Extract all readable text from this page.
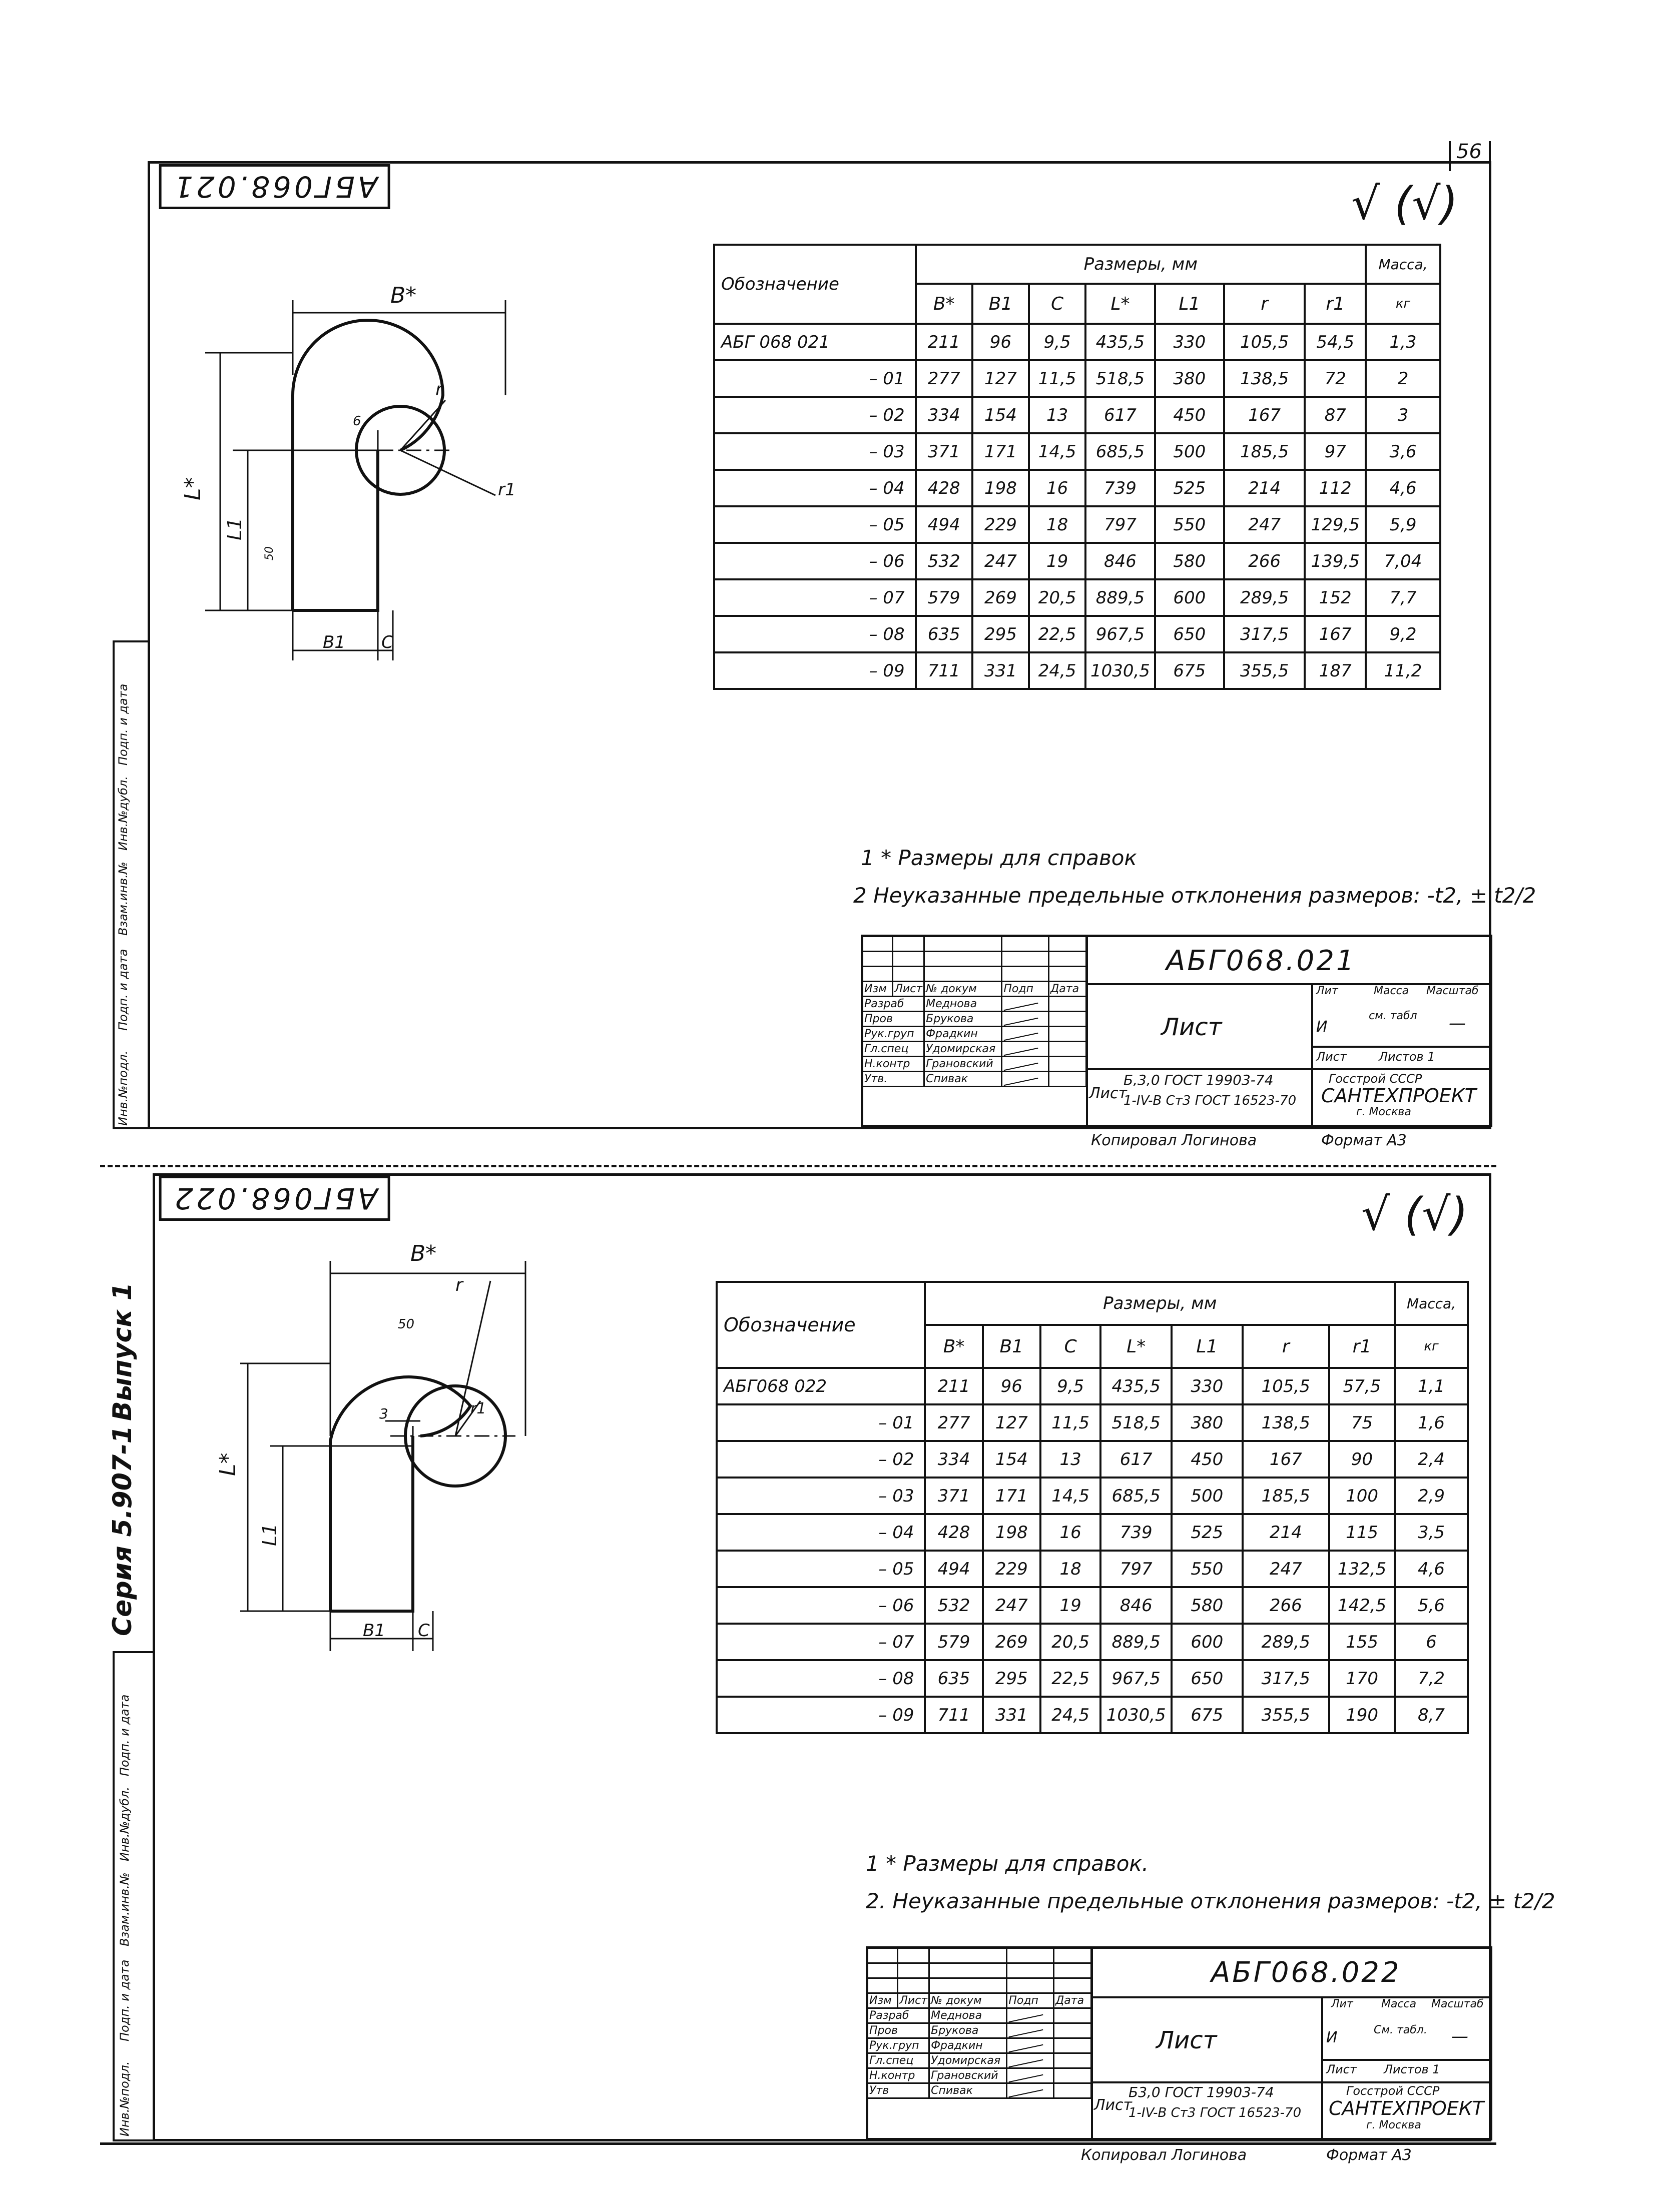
56
Инв.№подл.
Подп. и дата
Взам.инв.№
Инв.№дубл.
Подп. и дата
АБГ068.021	√ (√)
B*
L*
L1
B1 C
r
r1
6
50
Обозначение	Размеры, мм							Масса,
	B*	B1	C	L*	L1	r	r1	кг
АБГ 068 021	211	96	9,5	435,5	330	105,5	54,5	1,3
– 01	277	127	11,5	518,5	380	138,5	72	2
– 02	334	154	13	617	450	167	87	3
– 03	371	171	14,5	685,5	500	185,5	97	3,6
– 04	428	198	16	739	525	214	112	4,6
– 05	494	229	18	797	550	247	129,5	5,9
– 06	532	247	19	846	580	266	139,5	7,04
– 07	579	269	20,5	889,5	600	289,5	152	7,7
– 08	635	295	22,5	967,5	650	317,5	167	9,2
– 09	711	331	24,5	1030,5	675	355,5	187	11,2
1 * Размеры для справок
2 Неуказанные предельные отклонения размеров: -t2, ± t2/2

Изм	Лист	№ докум	Подп	Дата
Разраб		Меднова		
Пров		Брукова		
Рук.груп		Фрадкин		
Гл.спец		Удомирская		
Н.контр		Грановский		
Утв.		Спивак		
АБГ068.021
Лист
Лист
Б,3,0 ГОСТ 19903-74
1-IV-В Ст3 ГОСТ 16523-70
Лит
И
Масса
см. табл
Масштаб
—
Лист	Листов 1
Госстрой СССР
САНТЕХПРОЕКТ
г. Москва
Копировал Логинова	Формат А3
Серия 5.907-1
Выпуск 1
Инв.№подл.
Подп. и дата
Взам.инв.№
Инв.№дубл.
Подп. и дата
АБГ068.022	√ (√)
B*
L*
L1
B1 C
r
r1
3
50	Обозначение	Размеры, мм							Масса,
	B*	B1	C	L*	L1	r	r1	кг
АБГ068 022	211	96	9,5	435,5	330	105,5	57,5	1,1
– 01	277	127	11,5	518,5	380	138,5	75	1,6
– 02	334	154	13	617	450	167	90	2,4
– 03	371	171	14,5	685,5	500	185,5	100	2,9
– 04	428	198	16	739	525	214	115	3,5
– 05	494	229	18	797	550	247	132,5	4,6
– 06	532	247	19	846	580	266	142,5	5,6
– 07	579	269	20,5	889,5	600	289,5	155	6
– 08	635	295	22,5	967,5	650	317,5	170	7,2
– 09	711	331	24,5	1030,5	675	355,5	190	8,7
1 * Размеры для справок.
2. Неуказанные предельные отклонения размеров: -t2, ± t2/2

Изм	Лист	№ докум	Подп	Дата
Разраб		Меднова		
Пров		Брукова		
Рук.груп		Фрадкин		
Гл.спец		Удомирская		
Н.контр		Грановский		
Утв		Спивак		
АБГ068.022
Лист
Лист
Б3,0 ГОСТ 19903-74
1-IV-В Ст3 ГОСТ 16523-70
Лит
И
Масса
См. табл.
Масштаб
—
Лист Листов 1
Госстрой СССР
САНТЕХПРОЕКТ
г. Москва
Копировал Логинова	Формат А3
